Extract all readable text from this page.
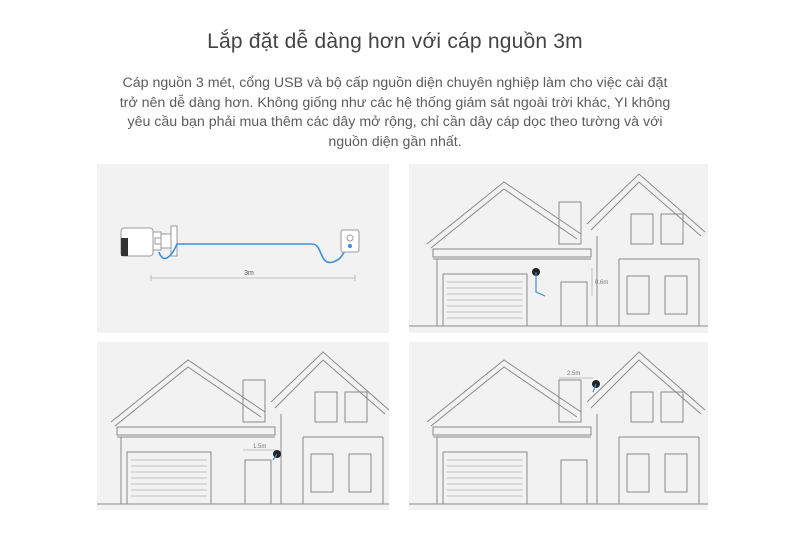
Lắp đặt dễ dàng hơn với cáp nguồn 3m
Cáp nguồn 3 mét, cổng USB và bộ cấp nguồn diện chuyên nghiệp làm cho việc cài đặt
trở nên dễ dàng hơn. Không giống như các hệ thống giám sát ngoài trời khác, YI không
yêu cầu bạn phải mua thêm các dây mở rộng, chỉ cần dây cáp dọc theo tường và với
nguồn diện gần nhất.
3m
0.6m
1.5m
2.5m
